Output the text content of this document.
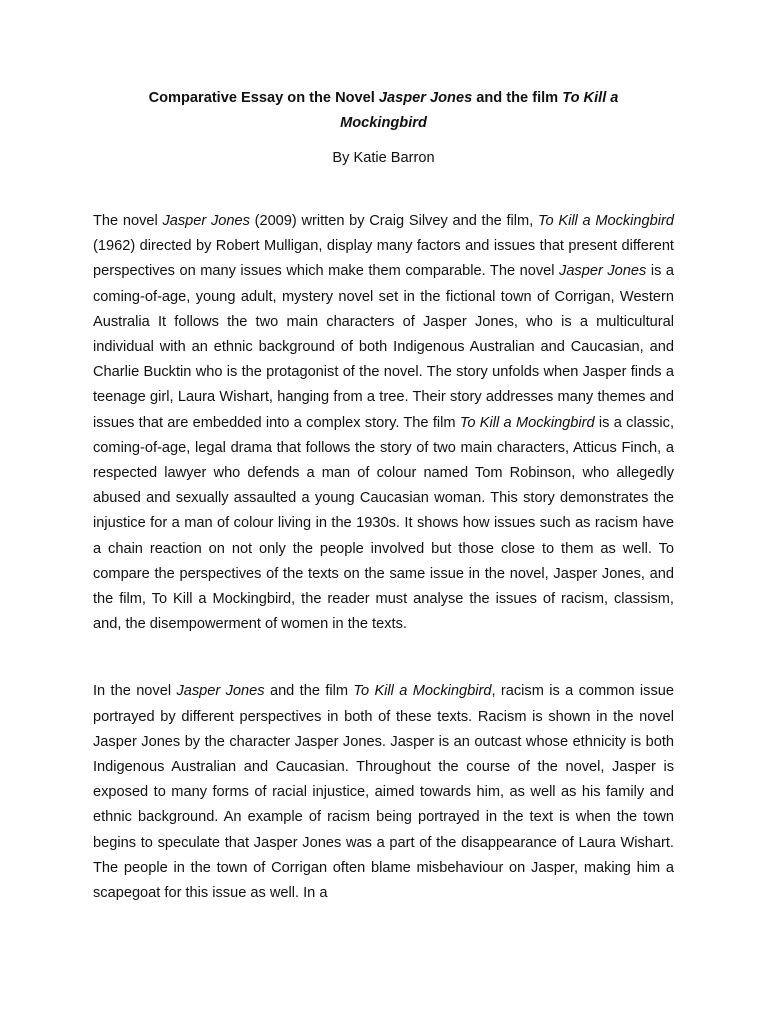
Comparative Essay on the Novel Jasper Jones and the film To Kill a Mockingbird
By Katie Barron

The novel Jasper Jones (2009) written by Craig Silvey and the film, To Kill a Mockingbird (1962) directed by Robert Mulligan, display many factors and issues that present different perspectives on many issues which make them comparable. The novel Jasper Jones is a coming-of-age, young adult, mystery novel set in the fictional town of Corrigan, Western Australia It follows the two main characters of Jasper Jones, who is a multicultural individual with an ethnic background of both Indigenous Australian and Caucasian, and Charlie Bucktin who is the protagonist of the novel. The story unfolds when Jasper finds a teenage girl, Laura Wishart, hanging from a tree. Their story addresses many themes and issues that are embedded into a complex story. The film To Kill a Mockingbird is a classic, coming-of-age, legal drama that follows the story of two main characters, Atticus Finch, a respected lawyer who defends a man of colour named Tom Robinson, who allegedly abused and sexually assaulted a young Caucasian woman. This story demonstrates the injustice for a man of colour living in the 1930s. It shows how issues such as racism have a chain reaction on not only the people involved but those close to them as well. To compare the perspectives of the texts on the same issue in the novel, Jasper Jones, and the film, To Kill a Mockingbird, the reader must analyse the issues of racism, classism, and, the disempowerment of women in the texts.

In the novel Jasper Jones and the film To Kill a Mockingbird, racism is a common issue portrayed by different perspectives in both of these texts. Racism is shown in the novel Jasper Jones by the character Jasper Jones. Jasper is an outcast whose ethnicity is both Indigenous Australian and Caucasian. Throughout the course of the novel, Jasper is exposed to many forms of racial injustice, aimed towards him, as well as his family and ethnic background. An example of racism being portrayed in the text is when the town begins to speculate that Jasper Jones was a part of the disappearance of Laura Wishart. The people in the town of Corrigan often blame misbehaviour on Jasper, making him a scapegoat for this issue as well. In a
